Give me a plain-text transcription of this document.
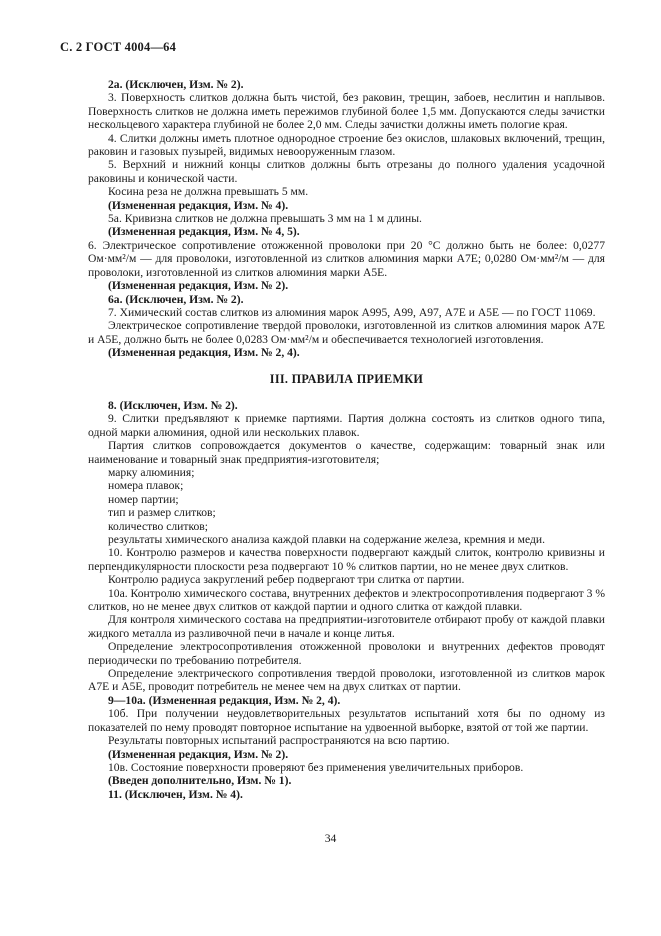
С. 2 ГОСТ 4004—64

2а. (Исключен, Изм. № 2).

3. Поверхность слитков должна быть чистой, без раковин, трещин, забоев, неслитин и наплывов. Поверхность слитков не должна иметь пережимов глубиной более 1,5 мм. Допускаются следы зачистки нескольцевого характера глубиной не более 2,0 мм. Следы зачистки должны иметь пологие края.

4. Слитки должны иметь плотное однородное строение без окислов, шлаковых включений, трещин, раковин и газовых пузырей, видимых невооруженным глазом.

5. Верхний и нижний концы слитков должны быть отрезаны до полного удаления усадочной раковины и конической части.

Косина реза не должна превышать 5 мм.

(Измененная редакция, Изм. № 4).

5а. Кривизна слитков не должна превышать 3 мм на 1 м длины.

(Измененная редакция, Изм. № 4, 5).

6. Электрическое сопротивление отожженной проволоки при 20 °С должно быть не более: 0,0277 Ом·мм²/м — для проволоки, изготовленной из слитков алюминия марки А7Е; 0,0280 Ом·мм²/м — для проволоки, изготовленной из слитков алюминия марки А5Е.

(Измененная редакция, Изм. № 2).

6а. (Исключен, Изм. № 2).

7. Химический состав слитков из алюминия марок А995, А99, А97, А7Е и А5Е — по ГОСТ 11069.

Электрическое сопротивление твердой проволоки, изготовленной из слитков алюминия марок А7Е и А5Е, должно быть не более 0,0283 Ом·мм²/м и обеспечивается технологией изготовления.

(Измененная редакция, Изм. № 2, 4).

III. ПРАВИЛА ПРИЕМКИ

8. (Исключен, Изм. № 2).

9. Слитки предъявляют к приемке партиями. Партия должна состоять из слитков одного типа, одной марки алюминия, одной или нескольких плавок.

Партия слитков сопровождается документов о качестве, содержащим: товарный знак или наименование и товарный знак предприятия-изготовителя;

марку алюминия;

номера плавок;

номер партии;

тип и размер слитков;

количество слитков;

результаты химического анализа каждой плавки на содержание железа, кремния и меди.

10. Контролю размеров и качества поверхности подвергают каждый слиток, контролю кривизны и перпендикулярности плоскости реза подвергают 10 % слитков партии, но не менее двух слитков.

Контролю радиуса закруглений ребер подвергают три слитка от партии.

10а. Контролю химического состава, внутренних дефектов и электросопротивления подвергают 3 % слитков, но не менее двух слитков от каждой партии и одного слитка от каждой плавки.

Для контроля химического состава на предприятии-изготовителе отбирают пробу от каждой плавки жидкого металла из разливочной печи в начале и конце литья.

Определение электросопротивления отожженной проволоки и внутренних дефектов проводят периодически по требованию потребителя.

Определение электрического сопротивления твердой проволоки, изготовленной из слитков марок А7Е и А5Е, проводит потребитель не менее чем на двух слитках от партии.

9—10а. (Измененная редакция, Изм. № 2, 4).

10б. При получении неудовлетворительных результатов испытаний хотя бы по одному из показателей по нему проводят повторное испытание на удвоенной выборке, взятой от той же партии.

Результаты повторных испытаний распространяются на всю партию.

(Измененная редакция, Изм. № 2).

10в. Состояние поверхности проверяют без применения увеличительных приборов.

(Введен дополнительно, Изм. № 1).

11. (Исключен, Изм. № 4).

34
